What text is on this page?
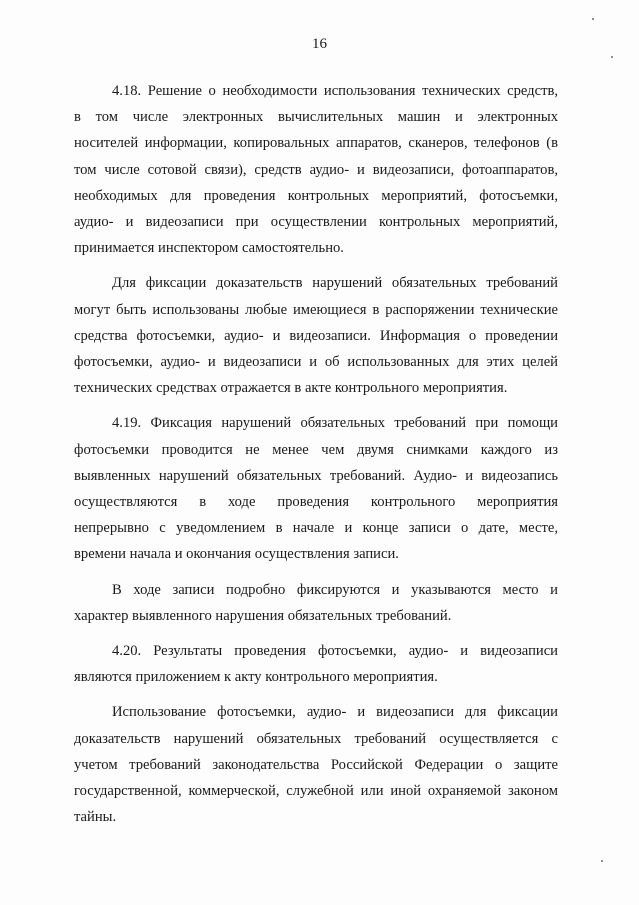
16
4.18. Решение о необходимости использования технических средств,
в том числе электронных вычислительных машин и электронных
носителей информации, копировальных аппаратов, сканеров, телефонов (в
том числе сотовой связи), средств аудио- и видеозаписи, фотоаппаратов,
необходимых для проведения контрольных мероприятий, фотосъемки,
аудио- и видеозаписи при осуществлении контрольных мероприятий,
принимается инспектором самостоятельно.
Для фиксации доказательств нарушений обязательных требований
могут быть использованы любые имеющиеся в распоряжении технические
средства фотосъемки, аудио- и видеозаписи. Информация о проведении
фотосъемки, аудио- и видеозаписи и об использованных для этих целей
технических средствах отражается в акте контрольного мероприятия.
4.19. Фиксация нарушений обязательных требований при помощи
фотосъемки проводится не менее чем двумя снимками каждого из
выявленных нарушений обязательных требований. Аудио- и видеозапись
осуществляются в ходе проведения контрольного мероприятия
непрерывно с уведомлением в начале и конце записи о дате, месте,
времени начала и окончания осуществления записи.
В ходе записи подробно фиксируются и указываются место и
характер выявленного нарушения обязательных требований.
4.20. Результаты проведения фотосъемки, аудио- и видеозаписи
являются приложением к акту контрольного мероприятия.
Использование фотосъемки, аудио- и видеозаписи для фиксации
доказательств нарушений обязательных требований осуществляется с
учетом требований законодательства Российской Федерации о защите
государственной, коммерческой, служебной или иной охраняемой законом
тайны.
